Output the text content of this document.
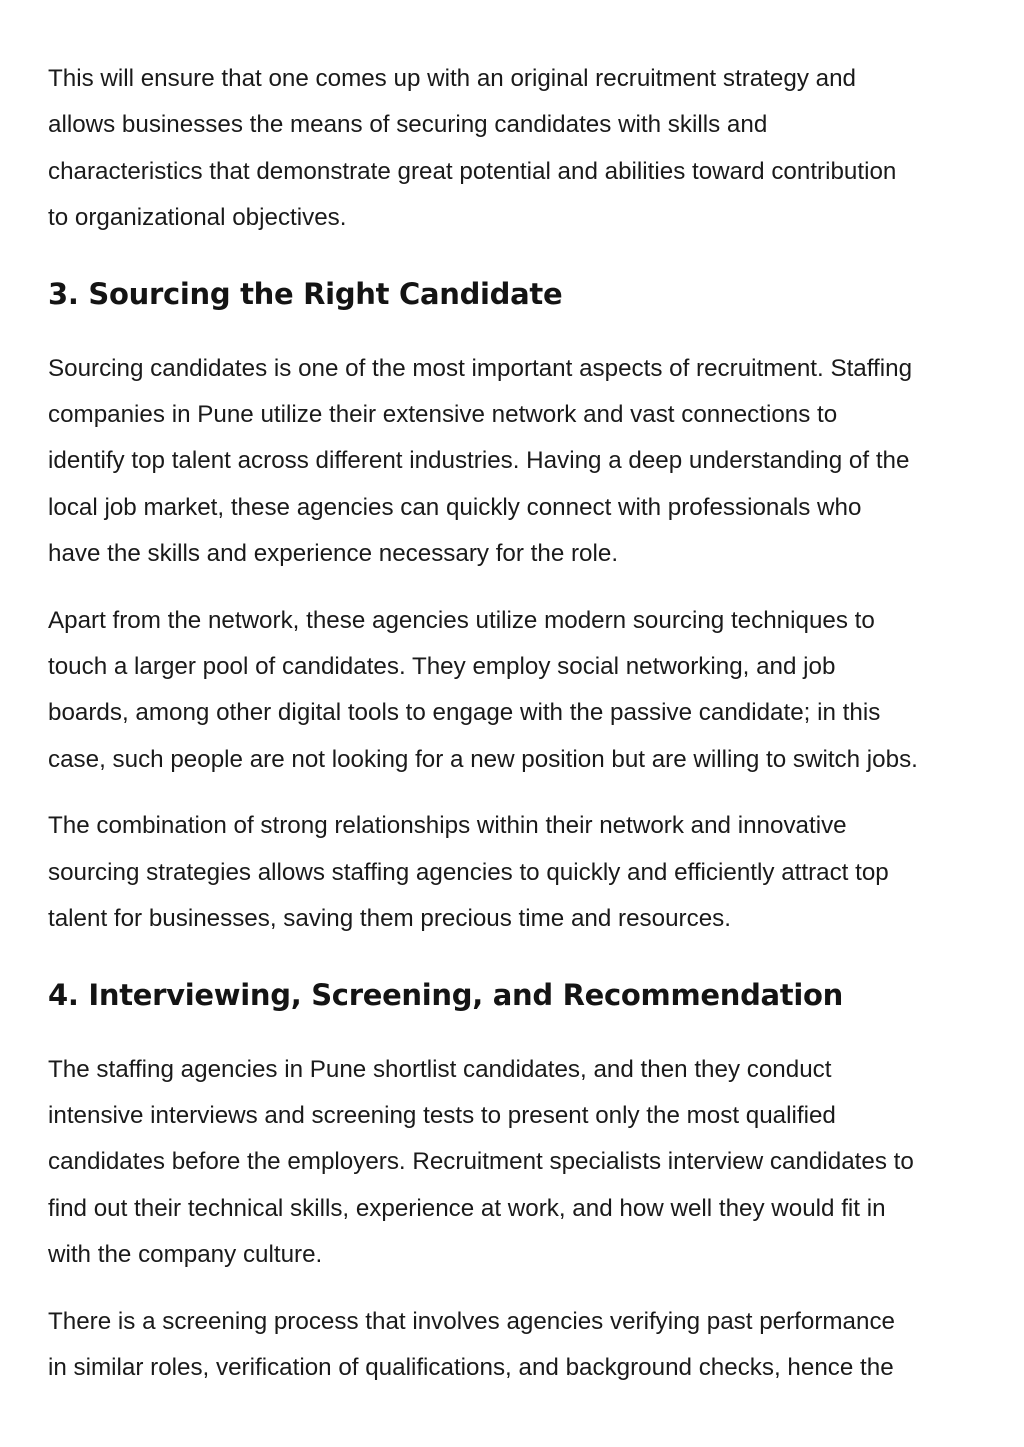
This will ensure that one comes up with an original recruitment strategy and
allows businesses the means of securing candidates with skills and
characteristics that demonstrate great potential and abilities toward contribution
to organizational objectives.

3. Sourcing the Right Candidate

Sourcing candidates is one of the most important aspects of recruitment. Staffing
companies in Pune utilize their extensive network and vast connections to
identify top talent across different industries. Having a deep understanding of the
local job market, these agencies can quickly connect with professionals who
have the skills and experience necessary for the role.

Apart from the network, these agencies utilize modern sourcing techniques to
touch a larger pool of candidates. They employ social networking, and job
boards, among other digital tools to engage with the passive candidate; in this
case, such people are not looking for a new position but are willing to switch jobs.

The combination of strong relationships within their network and innovative
sourcing strategies allows staffing agencies to quickly and efficiently attract top
talent for businesses, saving them precious time and resources.

4. Interviewing, Screening, and Recommendation

The staffing agencies in Pune shortlist candidates, and then they conduct
intensive interviews and screening tests to present only the most qualified
candidates before the employers. Recruitment specialists interview candidates to
find out their technical skills, experience at work, and how well they would fit in
with the company culture.

There is a screening process that involves agencies verifying past performance
in similar roles, verification of qualifications, and background checks, hence the
